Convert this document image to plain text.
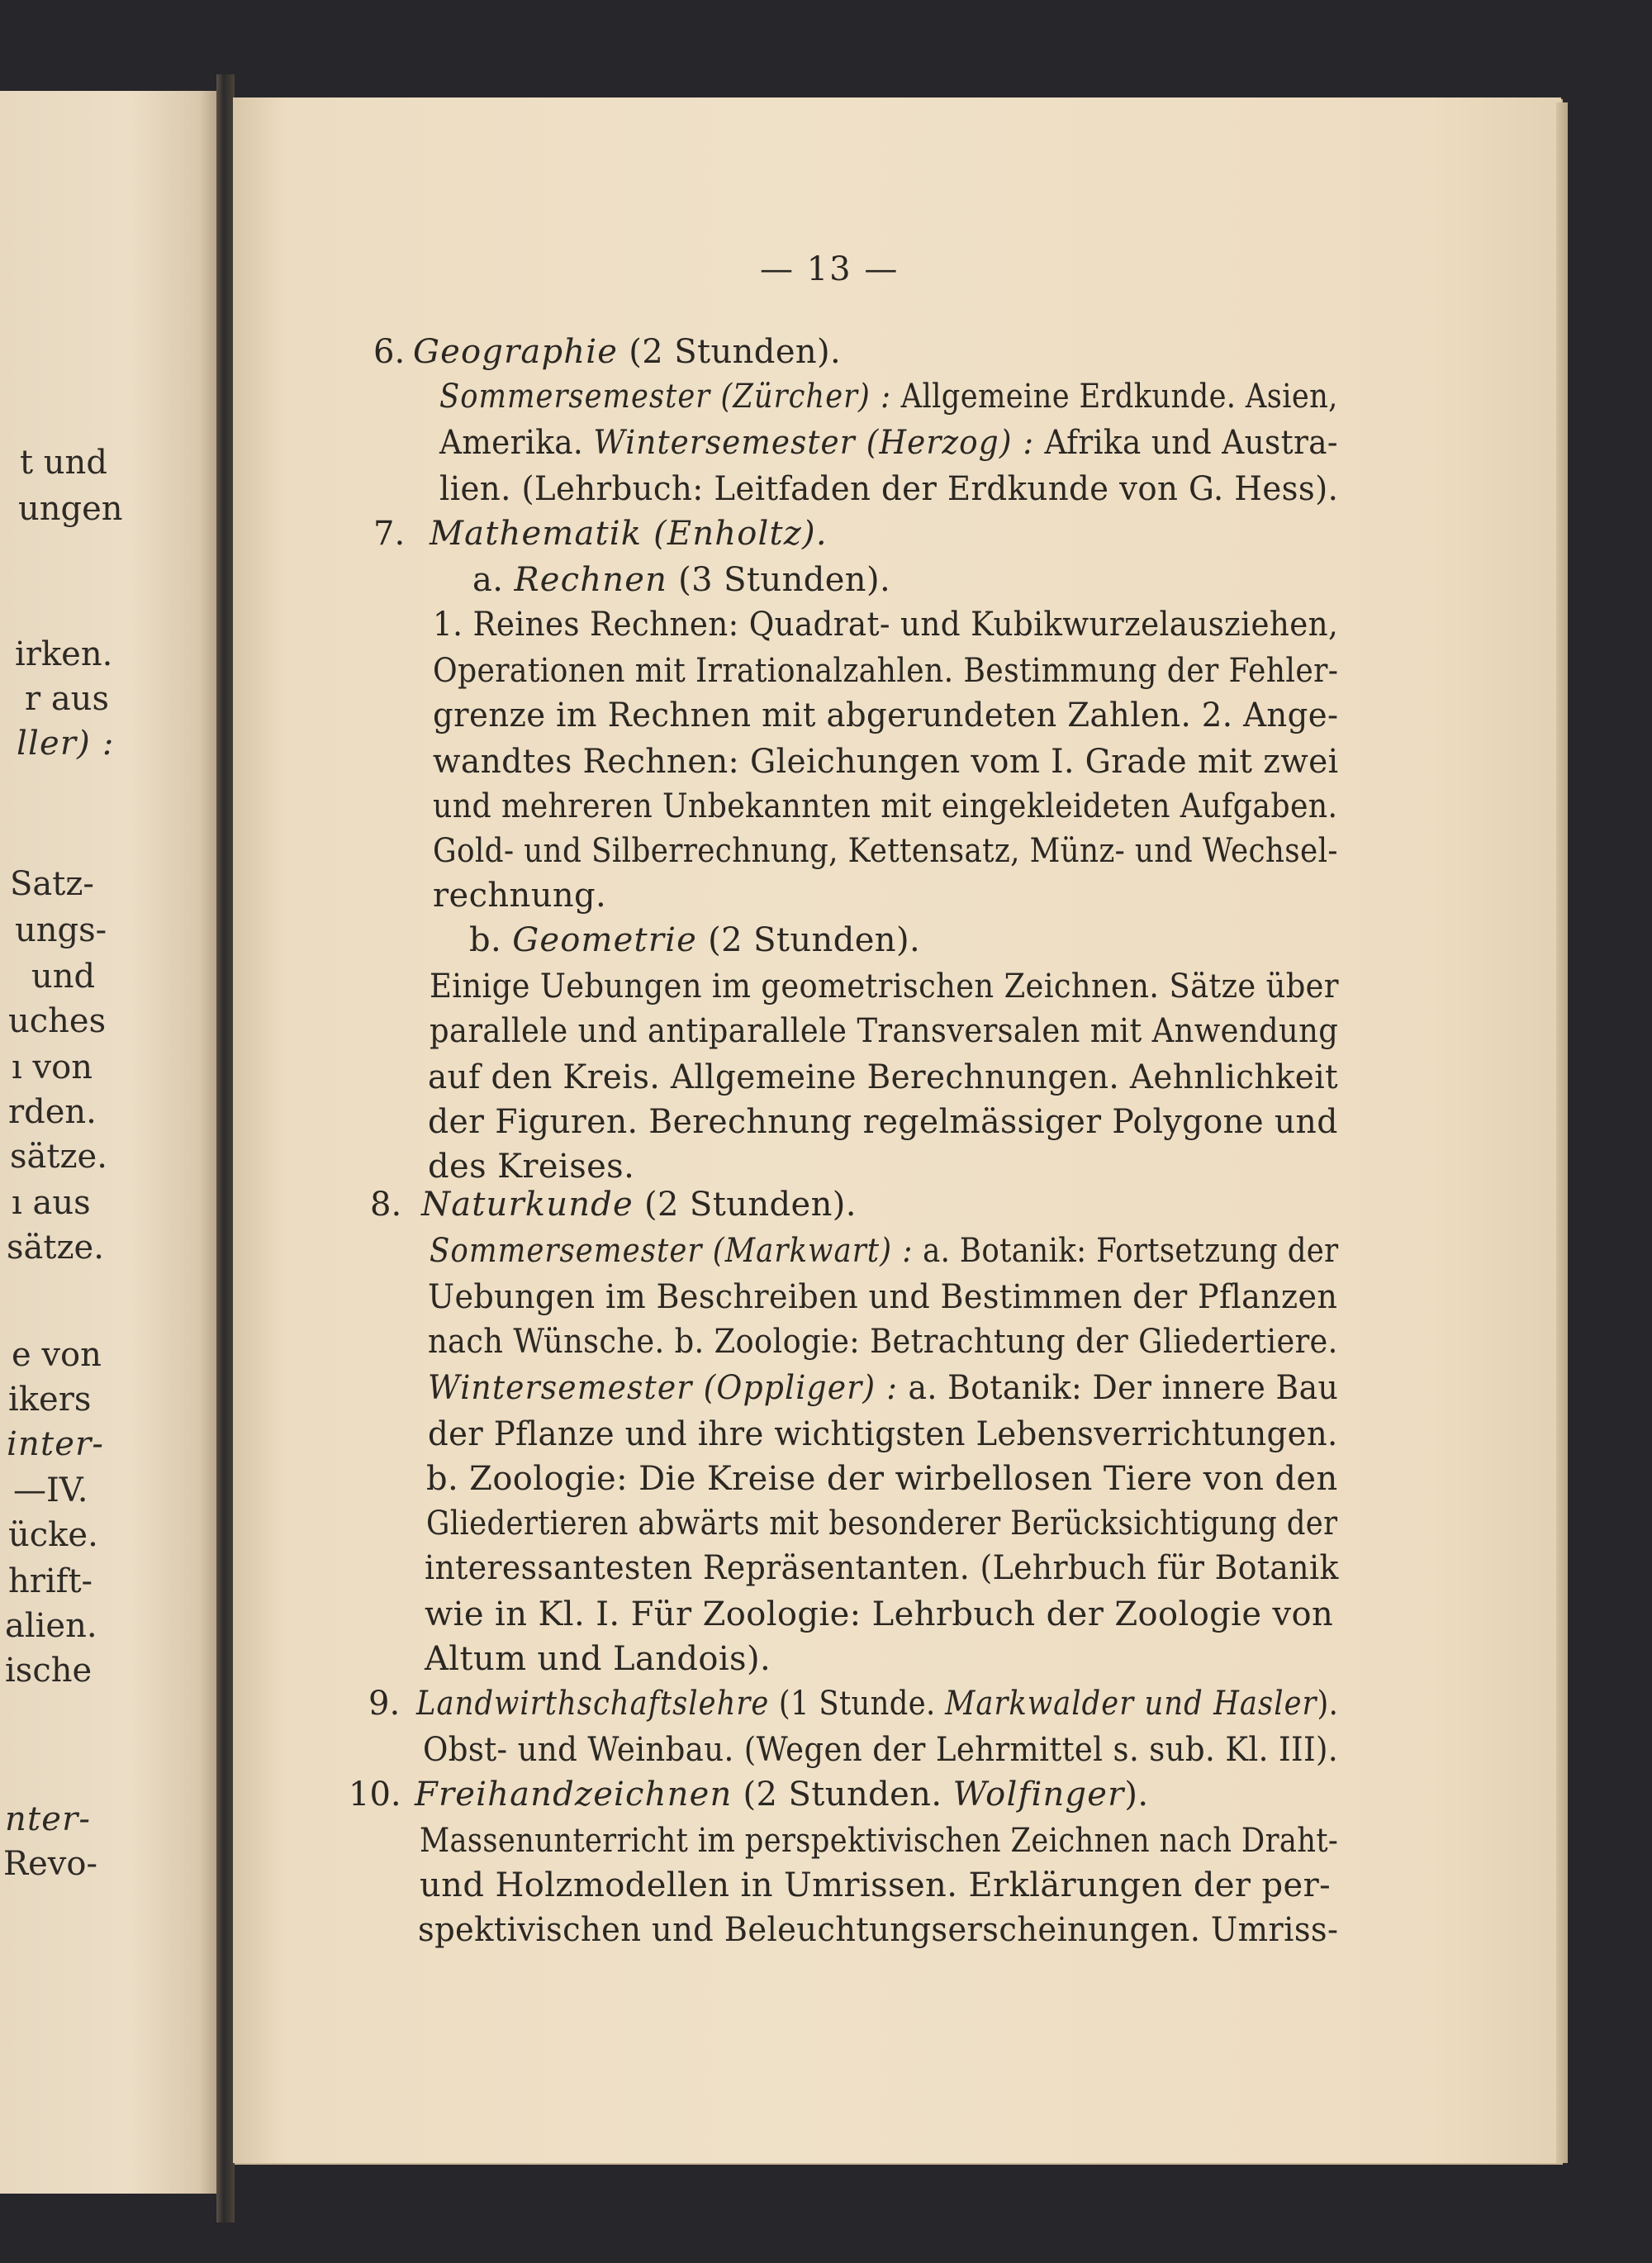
t und
ungen
irken.
r aus
ller) :
Satz-
ungs-
und
uches
ı von
rden.
sätze.
ı aus
sätze.
e von
ikers
inter-
—IV.
ücke.
hrift-
alien.
ische
nter-
Revo-
— 13 —
6. Geographie (2 Stunden).
Sommersemester (Zürcher) : Allgemeine Erdkunde. Asien,
Amerika. Wintersemester (Herzog) : Afrika und Austra-
lien. (Lehrbuch: Leitfaden der Erdkunde von G. Hess).
7. Mathematik (Enholtz).
a. Rechnen (3 Stunden).
1. Reines Rechnen: Quadrat- und Kubikwurzelausziehen,
Operationen mit Irrationalzahlen. Bestimmung der Fehler-
grenze im Rechnen mit abgerundeten Zahlen. 2. Ange-
wandtes Rechnen: Gleichungen vom I. Grade mit zwei
und mehreren Unbekannten mit eingekleideten Aufgaben.
Gold- und Silberrechnung, Kettensatz, Münz- und Wechsel-
rechnung.
b. Geometrie (2 Stunden).
Einige Uebungen im geometrischen Zeichnen. Sätze über
parallele und antiparallele Transversalen mit Anwendung
auf den Kreis. Allgemeine Berechnungen. Aehnlichkeit
der Figuren. Berechnung regelmässiger Polygone und
des Kreises.
8. Naturkunde (2 Stunden).
Sommersemester (Markwart) : a. Botanik: Fortsetzung der
Uebungen im Beschreiben und Bestimmen der Pflanzen
nach Wünsche. b. Zoologie: Betrachtung der Gliedertiere.
Wintersemester (Oppliger) : a. Botanik: Der innere Bau
der Pflanze und ihre wichtigsten Lebensverrichtungen.
b. Zoologie: Die Kreise der wirbellosen Tiere von den
Gliedertieren abwärts mit besonderer Berücksichtigung der
interessantesten Repräsentanten. (Lehrbuch für Botanik
wie in Kl. I. Für Zoologie: Lehrbuch der Zoologie von
Altum und Landois).
9. Landwirthschaftslehre (1 Stunde. Markwalder und Hasler).
Obst- und Weinbau. (Wegen der Lehrmittel s. sub. Kl. III).
10. Freihandzeichnen (2 Stunden. Wolfinger).
Massenunterricht im perspektivischen Zeichnen nach Draht-
und Holzmodellen in Umrissen. Erklärungen der per-
spektivischen und Beleuchtungserscheinungen. Umriss-
